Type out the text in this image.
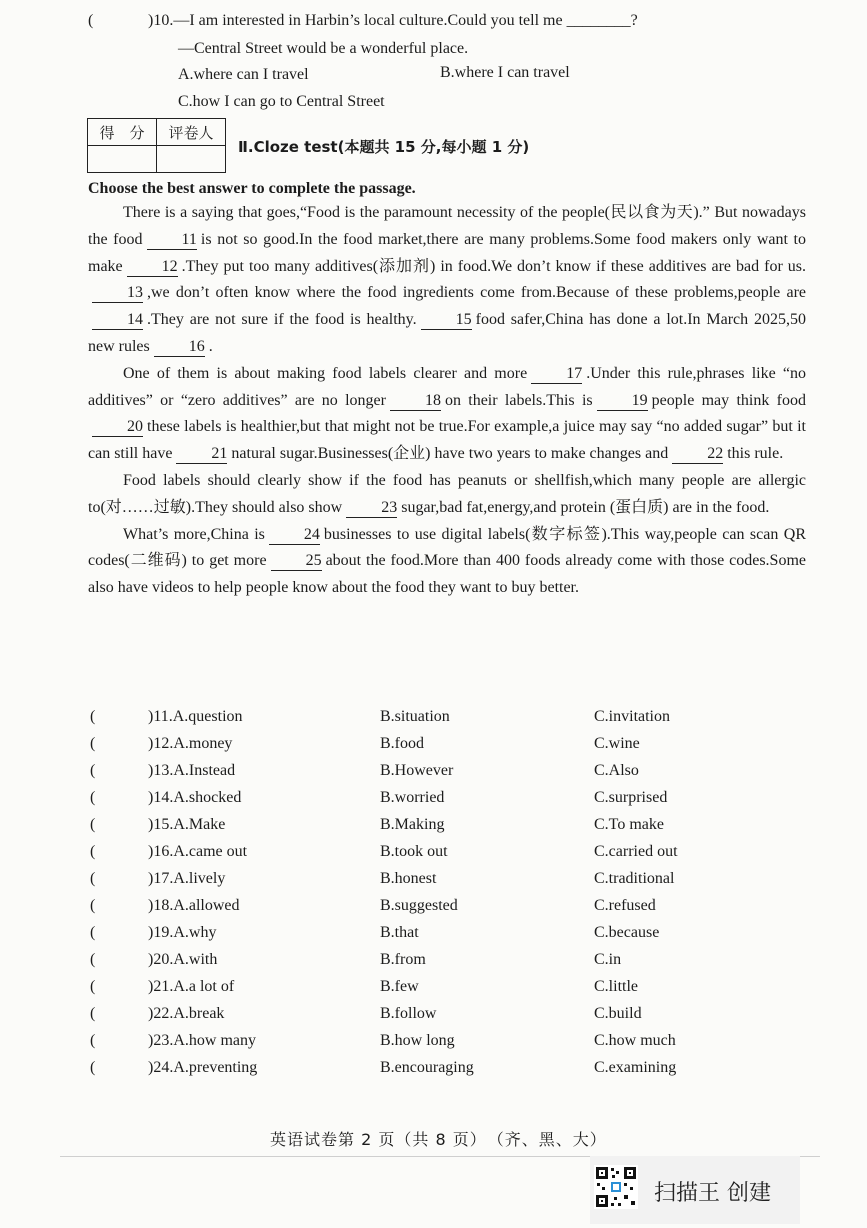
(	)10.—I am interested in Harbin’s local culture.Could you tell me ________?
—Central Street would be a wonderful place.
A.where can I travel	B.where I can travel
C.how I can go to Central Street
得　分	评卷人

Ⅱ.Cloze test(本题共 15 分,每小题 1 分)
Choose the best answer to complete the passage.

There is a saying that goes,“Food is the paramount necessity of the people(民以食为天).” But nowadays the food 11 is not so good.In the food market,there are many problems.Some food makers only want to make 12 .They put too many additives(添加剂) in food.We don’t know if these additives are bad for us.13 ,we don’t often know where the food ingredients come from.Because of these problems,people are14 .They are not sure if the food is healthy. 15 food safer,China has done a lot.In March 2025,50 new rules 16 .

One of them is about making food labels clearer and more 17 .Under this rule,phrases like “no additives” or “zero additives” are no longer 18 on their labels.This is 19 people may think food20 these labels is healthier,but that might not be true.For example,a juice may say “no added sugar” but it can still have 21 natural sugar.Businesses(企业) have two years to make changes and 22 this rule.

Food labels should clearly show if the food has peanuts or shellfish,which many people are allergic to(对……过敏).They should also show 23 sugar,bad fat,energy,and protein (蛋白质) are in the food.

What’s more,China is 24 businesses to use digital labels(数字标签).This way,people can scan QR codes(二维码) to get more 25 about the food.More than 400 foods already come with those codes.Some also have videos to help people know about the food they want to buy better.

(	)11.A.question	B.situation	C.invitation
(	)12.A.money	B.food	C.wine
(	)13.A.Instead	B.However	C.Also
(	)14.A.shocked	B.worried	C.surprised
(	)15.A.Make	B.Making	C.To make
(	)16.A.came out	B.took out	C.carried out
(	)17.A.lively	B.honest	C.traditional
(	)18.A.allowed	B.suggested	C.refused
(	)19.A.why	B.that	C.because
(	)20.A.with	B.from	C.in
(	)21.A.a lot of	B.few	C.little
(	)22.A.break	B.follow	C.build
(	)23.A.how many	B.how long	C.how much
(	)24.A.preventing	B.encouraging	C.examining
英语试卷第 2 页（共 8 页）　（齐、黑、大）
扫描王 创建
